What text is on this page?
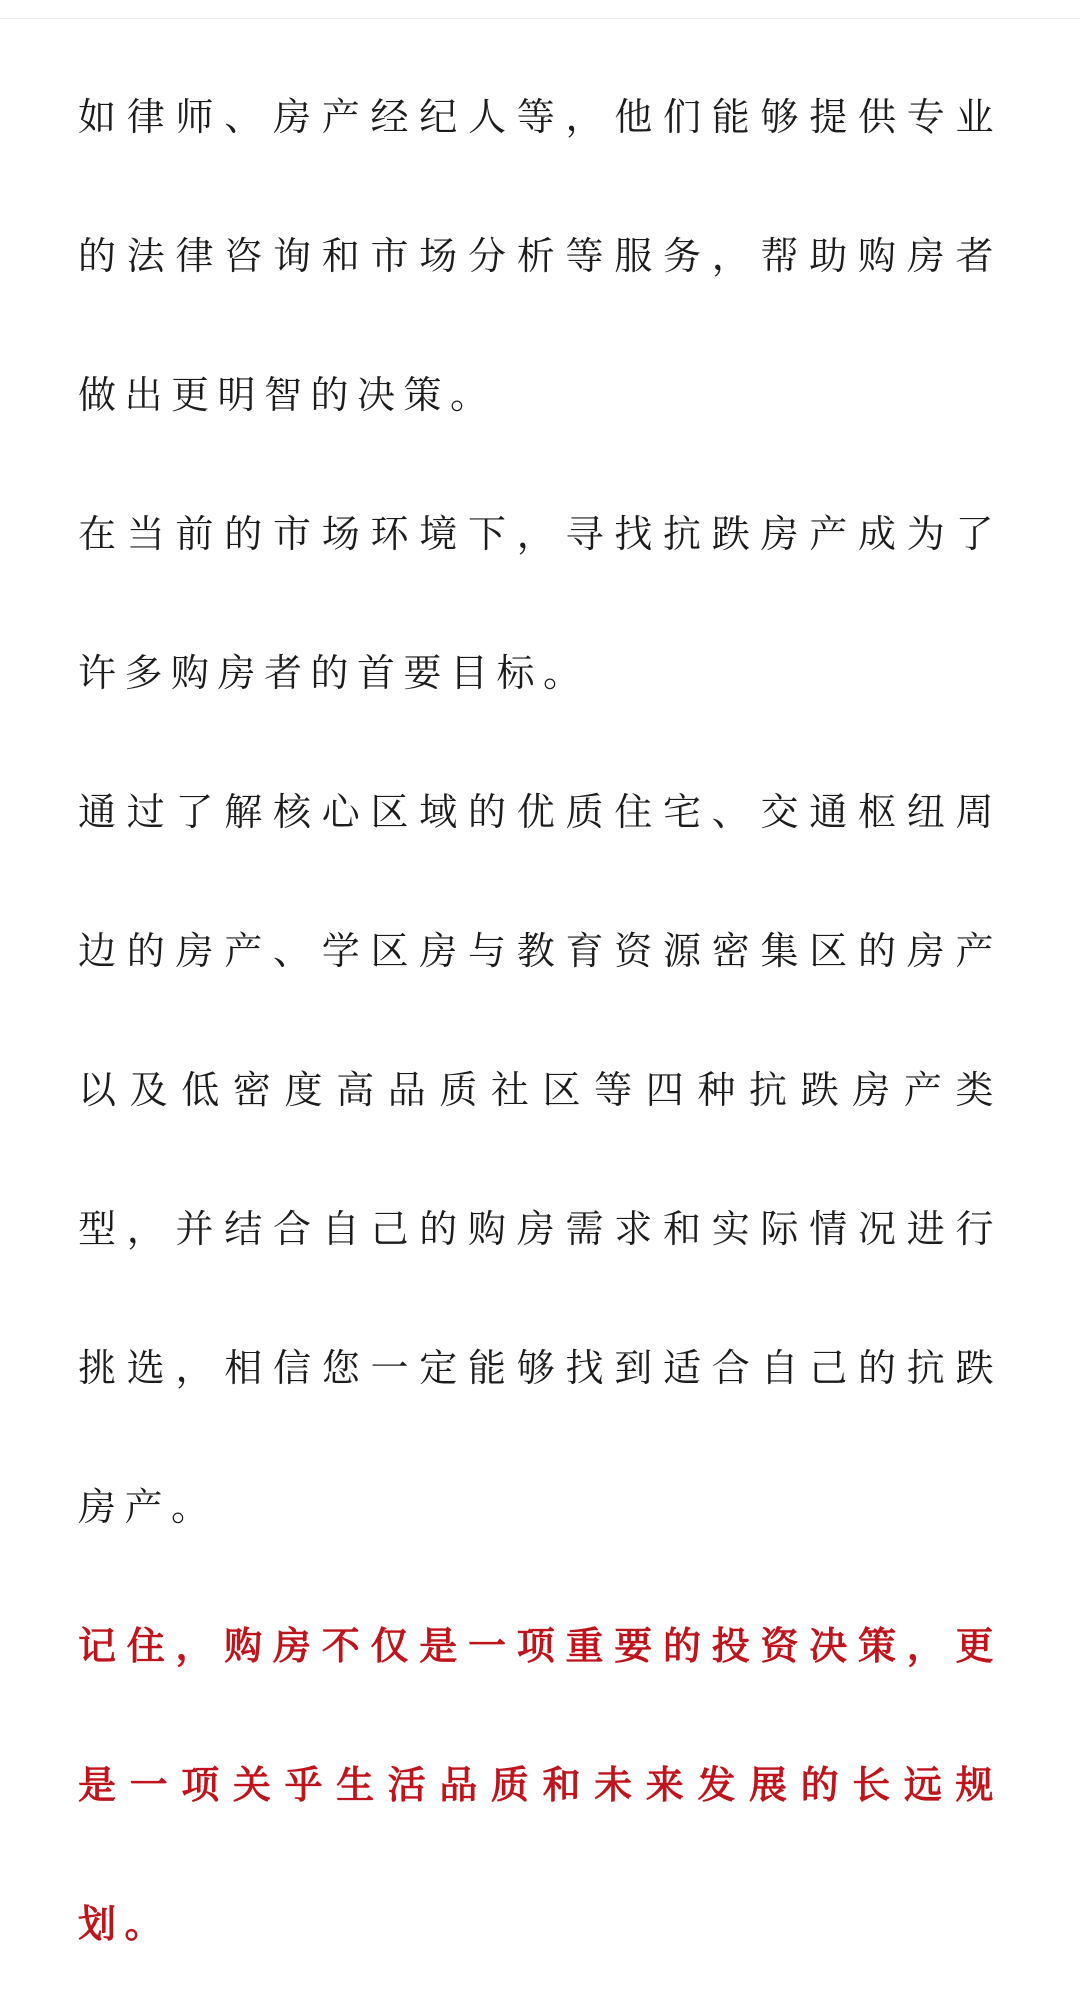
如律师、房产经纪人等，他们能够提供专业的法律咨询和市场分析等服务，帮助购房者做出更明智的决策。

在当前的市场环境下，寻找抗跌房产成为了许多购房者的首要目标。

通过了解核心区域的优质住宅、交通枢纽周边的房产、学区房与教育资源密集区的房产以及低密度高品质社区等四种抗跌房产类型，并结合自己的购房需求和实际情况进行挑选，相信您一定能够找到适合自己的抗跌房产。

记住，购房不仅是一项重要的投资决策，更是一项关乎生活品质和未来发展的长远规划。
